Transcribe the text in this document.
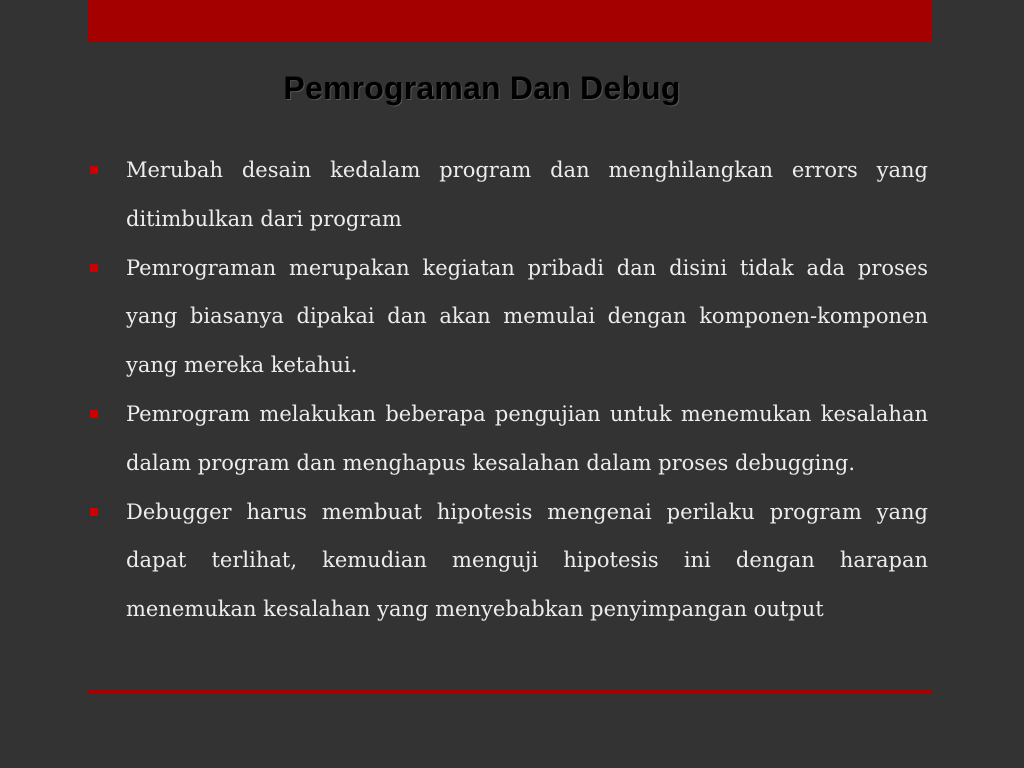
Pemrograman Dan Debug
Merubah desain kedalam program dan menghilangkan errors yang ditimbulkan dari program
Pemrograman merupakan kegiatan pribadi dan disini tidak ada proses yang biasanya dipakai dan akan memulai dengan komponen-komponen yang mereka ketahui.
Pemrogram melakukan beberapa pengujian untuk menemukan kesalahan dalam program dan menghapus kesalahan dalam proses debugging.
Debugger harus membuat hipotesis mengenai perilaku program yang dapat terlihat, kemudian menguji hipotesis ini dengan harapan menemukan kesalahan yang menyebabkan penyimpangan output
